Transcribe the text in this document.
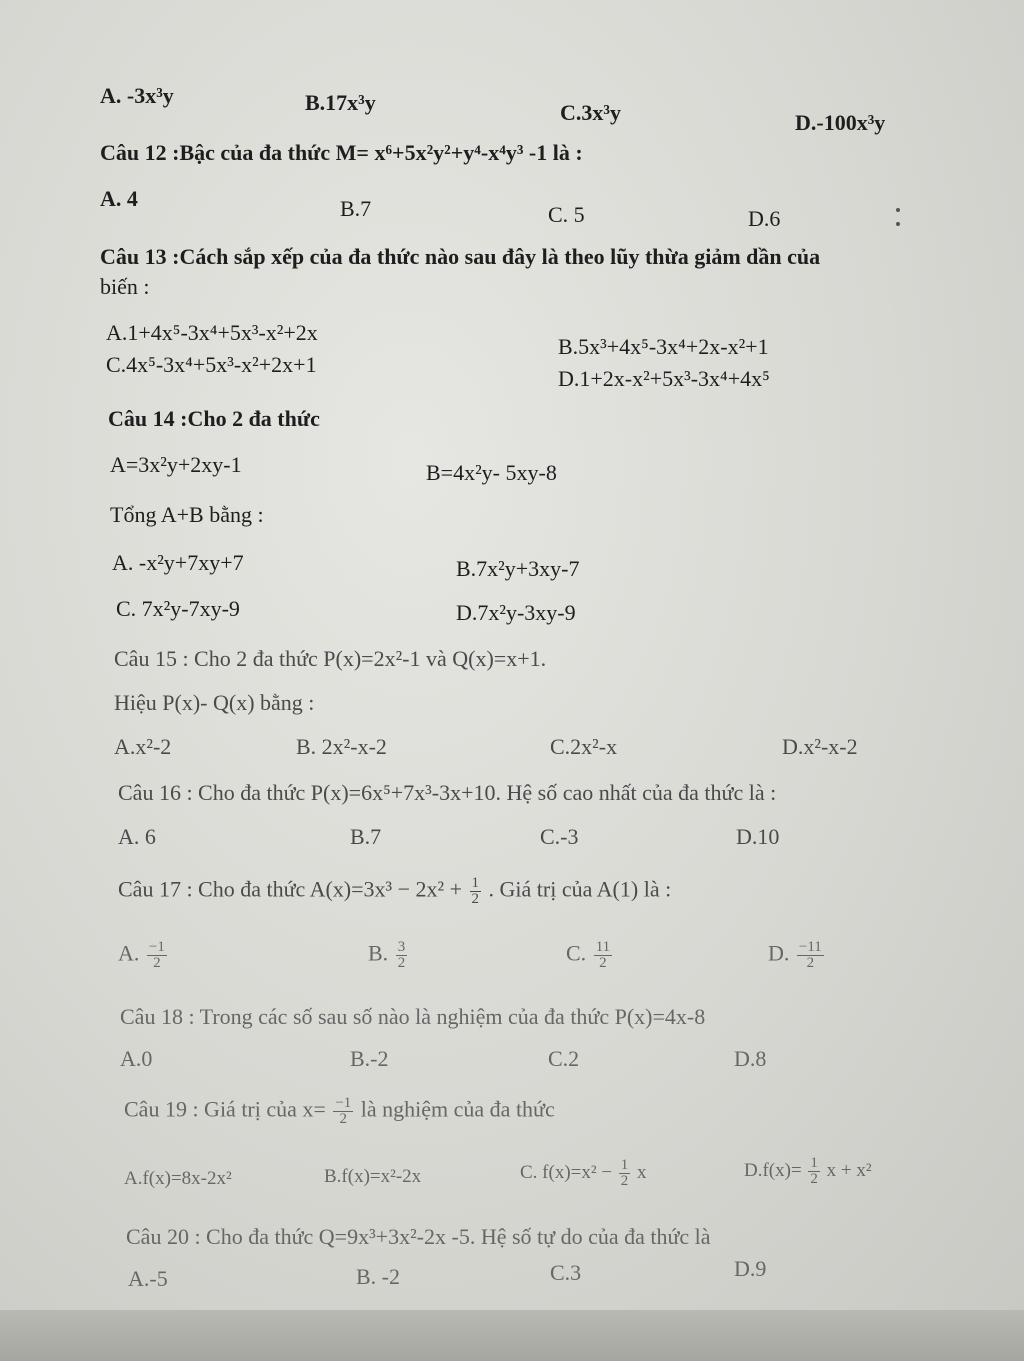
A. -3x³y	B.17x³y	C.3x³y	D.-100x³y
Câu 12 :Bậc của đa thức M= x⁶+5x²y²+y⁴-x⁴y³ -1 là :
A. 4	B.7	C. 5	D.6
Câu 13 :Cách sắp xếp của đa thức nào sau đây là theo lũy thừa giảm dần của
biến :
A.1+4x⁵-3x⁴+5x³-x²+2x
B.5x³+4x⁵-3x⁴+2x-x²+1
C.4x⁵-3x⁴+5x³-x²+2x+1
D.1+2x-x²+5x³-3x⁴+4x⁵
Câu 14 :Cho 2 đa thức
A=3x²y+2xy-1	B=4x²y- 5xy-8
Tổng A+B bằng :
A. -x²y+7xy+7	B.7x²y+3xy-7
C. 7x²y-7xy-9	D.7x²y-3xy-9
Câu 15 : Cho 2 đa thức P(x)=2x²-1 và Q(x)=x+1.
Hiệu P(x)- Q(x) bằng :
A.x²-2	B. 2x²-x-2	C.2x²-x	D.x²-x-2
Câu 16 : Cho đa thức P(x)=6x⁵+7x³-3x+10. Hệ số cao nhất của đa thức là :
A. 6	B.7	C.-3	D.10
Câu 17 : Cho đa thức $A(x)=3x^3 - 2x^2 + \frac{1}{2}$ . Giá trị của A(1) là :
A. $\frac{-1}{2}$	B. $\frac{3}{2}$	C. $\frac{11}{2}$	D. $\frac{-11}{2}$
Câu 18 : Trong các số sau số nào là nghiệm của đa thức P(x)=4x-8
A.0	B.-2	C.2	D.8
Câu 19 : Giá trị của $x= \frac{-1}{2}$ là nghiệm của đa thức
A.f(x)=8x-2x²	B.f(x)=x²-2x	C. $f(x)=x^2 - \frac{1}{2}$ x	$D.f(x)= \frac{1}{2}$ x + x²
Câu 20 : Cho đa thức Q=9x³+3x²-2x -5. Hệ số tự do của đa thức là
A.-5	B. -2	C.3	D.9
